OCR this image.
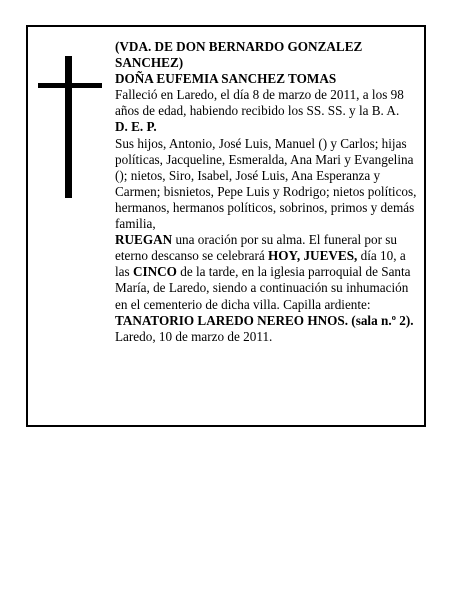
(VDA. DE DON BERNARDO GONZALEZ SANCHEZ)

DOÑA EUFEMIA SANCHEZ TOMAS

Falleció en Laredo, el día 8 de marzo de 2011, a los 98 años de edad, habiendo recibido los SS. SS. y la B. A.

D. E. P.

Sus hijos, Antonio, José Luis, Manuel () y Carlos; hijas políticas, Jacqueline, Esmeralda, Ana Mari y Evangelina (); nietos, Siro, Isabel, José Luis, Ana Esperanza y Carmen; bisnietos, Pepe Luis y Rodrigo; nietos políticos, hermanos, hermanos políticos, sobrinos, primos y demás familia,

RUEGAN una oración por su alma. El funeral por su eterno descanso se celebrará HOY, JUEVES, día 10, a las CINCO de la tarde, en la iglesia parroquial de Santa María, de Laredo, siendo a continuación su inhumación en el cementerio de dicha villa. Capilla ardiente:

TANATORIO LAREDO NEREO HNOS. (sala n.º 2).

Laredo, 10 de marzo de 2011.
